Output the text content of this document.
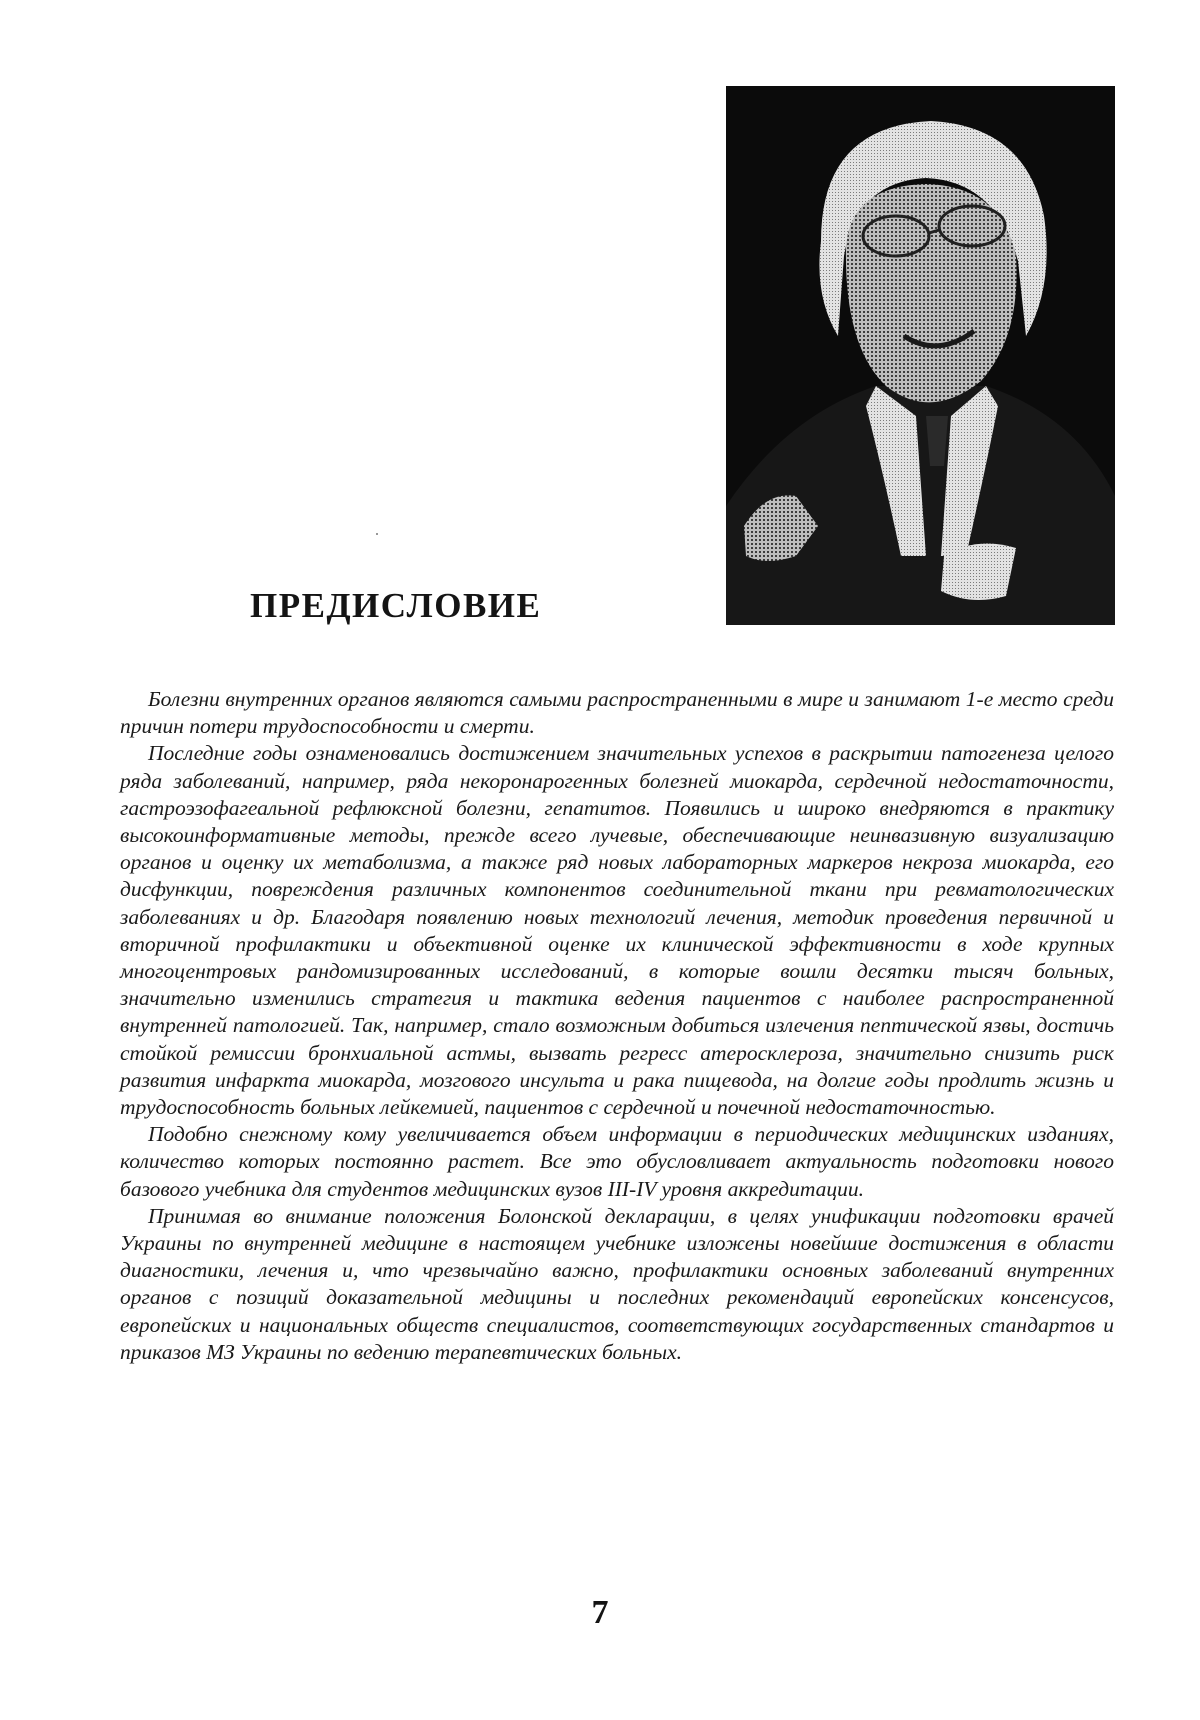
ПРЕДИСЛОВИЕ

Болезни внутренних органов являются самыми распространенными в мире и занимают 1-е место среди причин потери трудоспособности и смерти.

Последние годы ознаменовались достижением значительных успехов в раскрытии патогенеза целого ряда заболеваний, например, ряда некоронарогенных болезней миокарда, сердечной недостаточности, гастроэзофагеальной рефлюксной болезни, гепатитов. Появились и широко внедряются в практику высокоинформативные методы, прежде всего лучевые, обеспечивающие неинвазивную визуализацию органов и оценку их метаболизма, а также ряд новых лабораторных маркеров некроза миокарда, его дисфункции, повреждения различных компонентов соединительной ткани при ревматологических заболеваниях и др. Благодаря появлению новых технологий лечения, методик проведения первичной и вторичной профилактики и объективной оценке их клинической эффективности в ходе крупных многоцентровых рандомизированных исследований, в которые вошли десятки тысяч больных, значительно изменились стратегия и тактика ведения пациентов с наиболее распространенной внутренней патологией. Так, например, стало возможным добиться излечения пептической язвы, достичь стойкой ремиссии бронхиальной астмы, вызвать регресс атеросклероза, значительно снизить риск развития инфаркта миокарда, мозгового инсульта и рака пищевода, на долгие годы продлить жизнь и трудоспособность больных лейкемией, пациентов с сердечной и почечной недостаточностью.

Подобно снежному кому увеличивается объем информации в периодических медицинских изданиях, количество которых постоянно растет. Все это обусловливает актуальность подготовки нового базового учебника для студентов медицинских вузов III-IV уровня аккредитации.

Принимая во внимание положения Болонской декларации, в целях унификации подготовки врачей Украины по внутренней медицине в настоящем учебнике изложены новейшие достижения в области диагностики, лечения и, что чрезвычайно важно, профилактики основных заболеваний внутренних органов с позиций доказательной медицины и последних рекомендаций европейских консенсусов, европейских и национальных обществ специалистов, соответствующих государственных стандартов и приказов МЗ Украины по ведению терапевтических больных.

7
